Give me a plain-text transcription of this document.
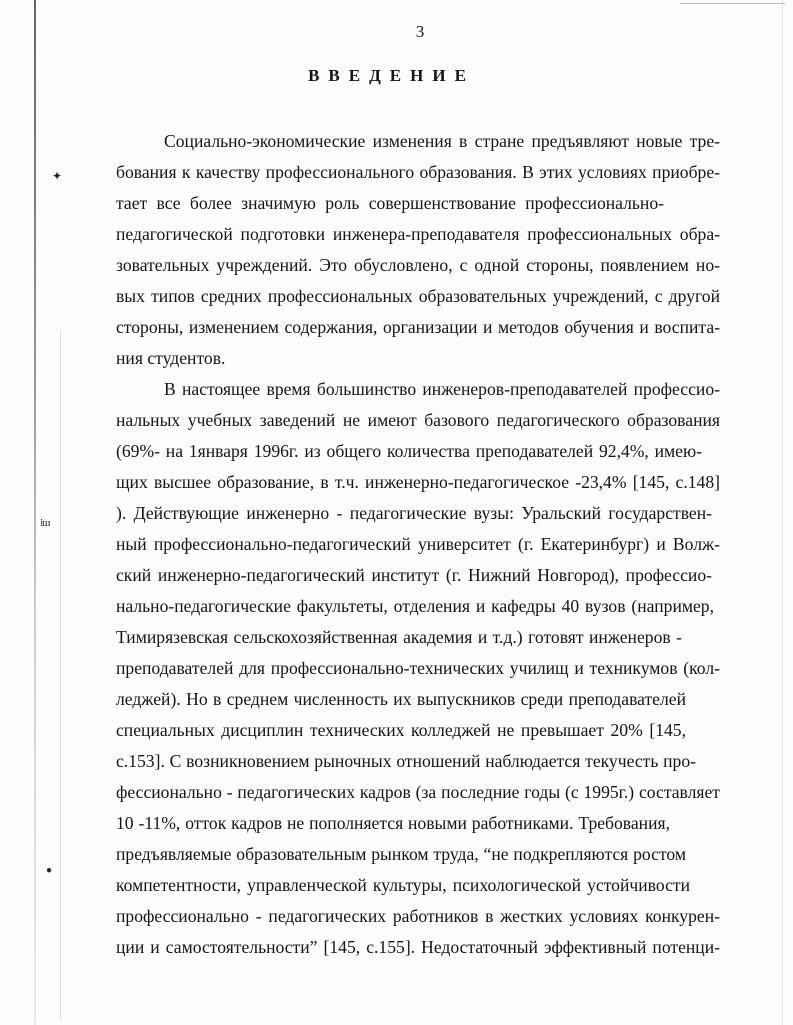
✦
⁞ш
●
3
ВВЕДЕНИЕ
Социально-экономические изменения в стране предъявляют новые тре-
бования к качеству профессионального образования. В этих условиях приобре-
тает все более значимую роль совершенствование профессионально-
педагогической подготовки инженера-преподавателя профессиональных обра-
зовательных учреждений. Это обусловлено, с одной стороны, появлением но-
вых типов средних профессиональных образовательных учреждений, с другой
стороны, изменением содержания, организации и методов обучения и воспита-
ния студентов.
В настоящее время большинство инженеров-преподавателей профессио-
нальных учебных заведений не имеют базового педагогического образования
(69%- на 1января 1996г. из общего количества преподавателей 92,4%, имею-
щих высшее образование, в т.ч. инженерно-педагогическое -23,4% [145, с.148]
). Действующие инженерно - педагогические вузы: Уральский государствен-
ный профессионально-педагогический университет (г. Екатеринбург) и Волж-
ский инженерно-педагогический институт (г. Нижний Новгород), профессио-
нально-педагогические факультеты, отделения и кафедры 40 вузов (например,
Тимирязевская сельскохозяйственная академия и т.д.) готовят инженеров -
преподавателей для профессионально-технических училищ и техникумов (кол-
леджей). Но в среднем численность их выпускников среди преподавателей
специальных дисциплин технических колледжей не превышает 20% [145,
с.153]. С возникновением рыночных отношений наблюдается текучесть про-
фессионально - педагогических кадров (за последние годы (с 1995г.) составляет
10 -11%, отток кадров не пополняется новыми работниками. Требования,
предъявляемые образовательным рынком труда, “не подкрепляются ростом
компетентности, управленческой культуры, психологической устойчивости
профессионально - педагогических работников в жестких условиях конкурен-
ции и самостоятельности” [145, с.155]. Недостаточный эффективный потенци-
